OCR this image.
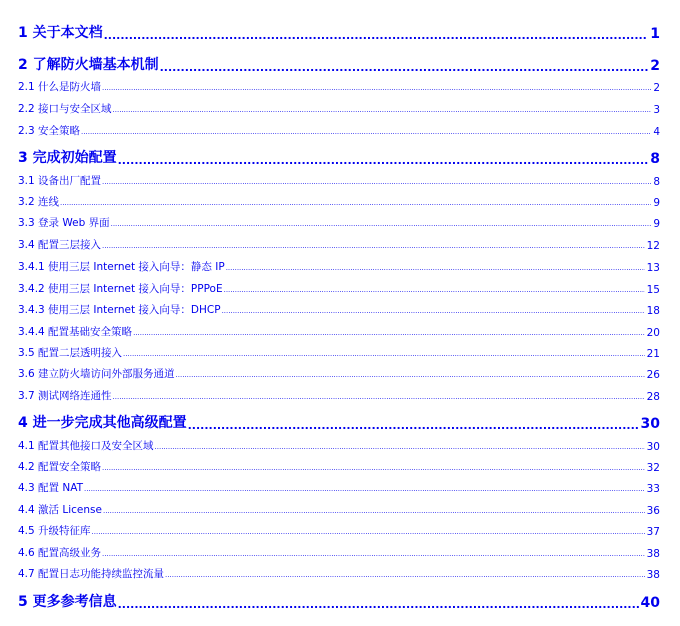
1 关于本文档 .....	1
2 了解防火墙基本机制 .....	2
2.1 什么是防火墙 .....	2
2.2 接口与安全区域 .....	3
2.3 安全策略 .....	4
3 完成初始配置 .....	8
3.1 设备出厂配置 .....	8
3.2 连线 .....	9
3.3 登录 Web 界面 .....	9
3.4 配置三层接入 .....	12
3.4.1 使用三层 Internet 接入向导：静态 IP .....	13
3.4.2 使用三层 Internet 接入向导：PPPoE .....	15
3.4.3 使用三层 Internet 接入向导：DHCP .....	18
3.4.4 配置基础安全策略 .....	20
3.5 配置二层透明接入 .....	21
3.6 建立防火墙访问外部服务通道 .....	26
3.7 测试网络连通性 .....	28
4 进一步完成其他高级配置 .....	30
4.1 配置其他接口及安全区域 .....	30
4.2 配置安全策略 .....	32
4.3 配置 NAT .....	33
4.4 激活 License .....	36
4.5 升级特征库 .....	37
4.6 配置高级业务 .....	38
4.7 配置日志功能持续监控流量 .....	38
5 更多参考信息 .....	40
